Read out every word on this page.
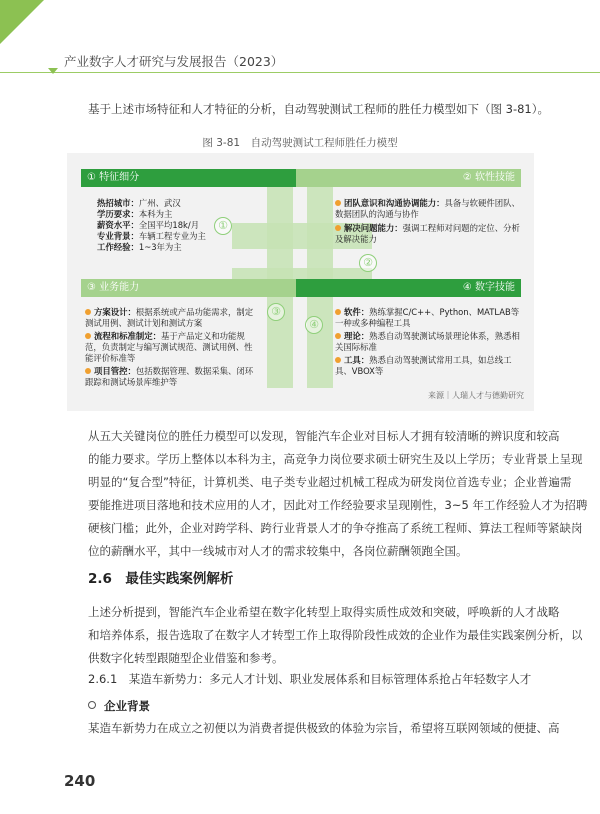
产业数字人才研究与发展报告（2023）
基于上述市场特征和人才特征的分析，自动驾驶测试工程师的胜任力模型如下（图 3-81）。
图 3-81　自动驾驶测试工程师胜任力模型
① 特征细分	② 软性技能
③ 业务能力	④ 数字技能
①
②
③
④
热招城市：广州、武汉
学历要求：本科为主
薪资水平：全国平均18k/月
专业背景：车辆工程专业为主
工作经验：1~3年为主
团队意识和沟通协调能力：具备与软硬件团队、数据团队的沟通与协作
解决问题能力：强调工程师对问题的定位、分析及解决能力
方案设计：根据系统或产品功能需求，制定测试用例、测试计划和测试方案
流程和标准制定：基于产品定义和功能规范，负责制定与编写测试规范、测试用例、性能评价标准等
项目管控：包括数据管理、数据采集、闭环跟踪和测试场景库维护等
软件：熟练掌握C/C++、Python、MATLAB等一种或多种编程工具
理论：熟悉自动驾驶测试场景理论体系，熟悉相关国际标准
工具：熟悉自动驾驶测试常用工具，如总线工具、VBOX等
来源｜人瑞人才与德勤研究
从五大关键岗位的胜任力模型可以发现，智能汽车企业对目标人才拥有较清晰的辨识度和较高
的能力要求。学历上整体以本科为主，高竞争力岗位要求硕士研究生及以上学历；专业背景上呈现
明显的“复合型”特征，计算机类、电子类专业超过机械工程成为研发岗位首选专业；企业普遍需
要能推进项目落地和技术应用的人才，因此对工作经验要求呈现刚性，3~5 年工作经验人才为招聘
硬核门槛；此外，企业对跨学科、跨行业背景人才的争夺推高了系统工程师、算法工程师等紧缺岗
位的薪酬水平，其中一线城市对人才的需求较集中，各岗位薪酬领跑全国。
2.6　最佳实践案例解析
上述分析提到，智能汽车企业希望在数字化转型上取得实质性成效和突破，呼唤新的人才战略
和培养体系，报告选取了在数字人才转型工作上取得阶段性成效的企业作为最佳实践案例分析，以
供数字化转型跟随型企业借鉴和参考。
2.6.1　某造车新势力：多元人才计划、职业发展体系和目标管理体系抢占年轻数字人才
企业背景
某造车新势力在成立之初便以为消费者提供极致的体验为宗旨，希望将互联网领域的便捷、高
240
